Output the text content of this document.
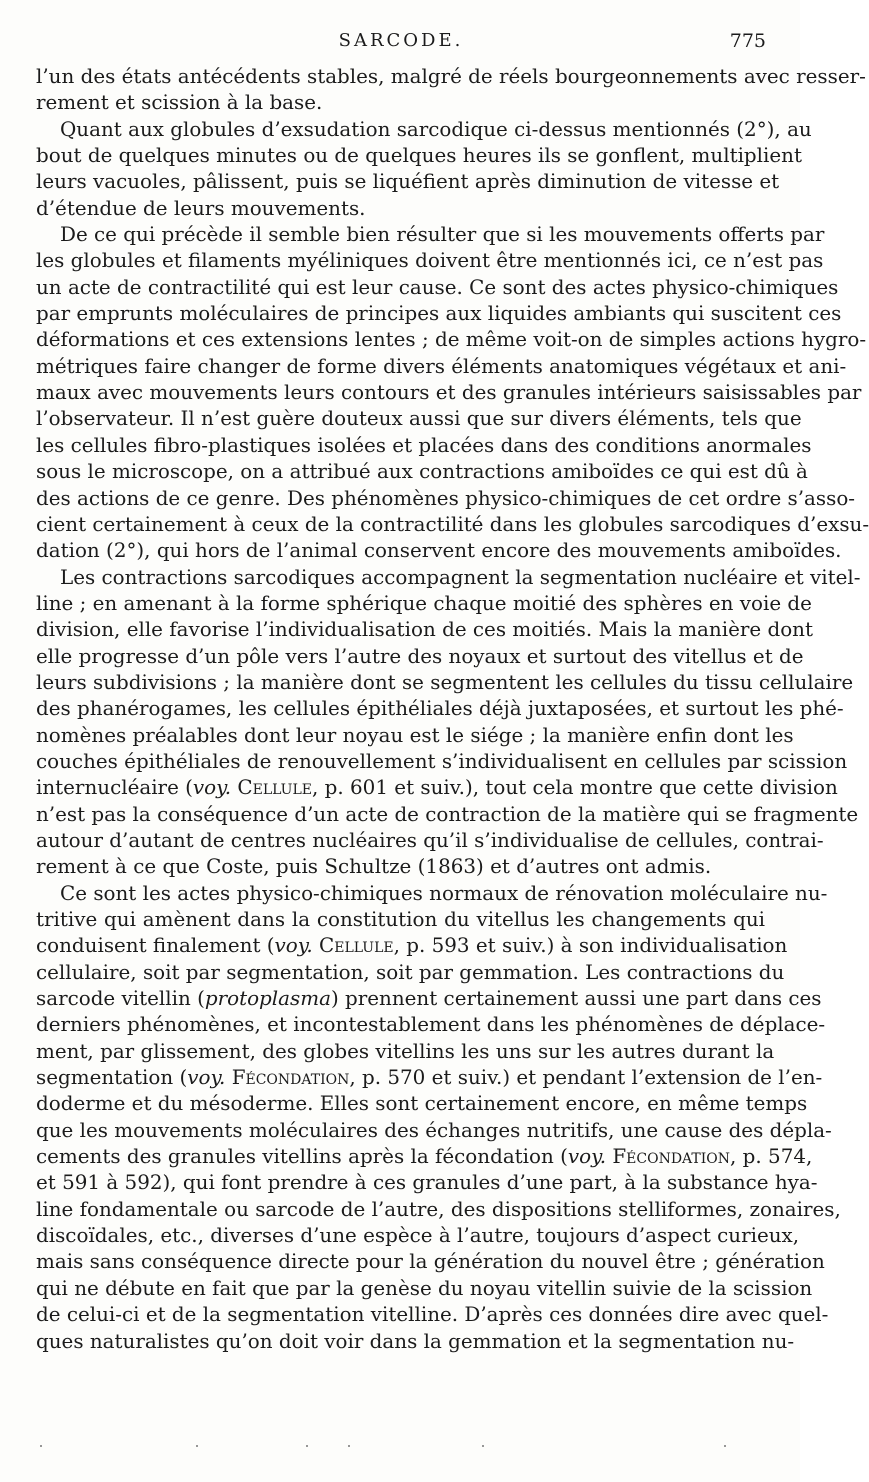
SARCODE.	775
l’un des états antécédents stables, malgré de réels bourgeonnements avec resser-
rement et scission à la base.
Quant aux globules d’exsudation sarcodique ci-dessus mentionnés (2°), au
bout de quelques minutes ou de quelques heures ils se gonflent, multiplient
leurs vacuoles, pâlissent, puis se liquéfient après diminution de vitesse et
d’étendue de leurs mouvements.
De ce qui précède il semble bien résulter que si les mouvements offerts par
les globules et filaments myéliniques doivent être mentionnés ici, ce n’est pas
un acte de contractilité qui est leur cause. Ce sont des actes physico-chimiques
par emprunts moléculaires de principes aux liquides ambiants qui suscitent ces
déformations et ces extensions lentes ; de même voit-on de simples actions hygro-
métriques faire changer de forme divers éléments anatomiques végétaux et ani-
maux avec mouvements leurs contours et des granules intérieurs saisissables par
l’observateur. Il n’est guère douteux aussi que sur divers éléments, tels que
les cellules fibro-plastiques isolées et placées dans des conditions anormales
sous le microscope, on a attribué aux contractions amiboïdes ce qui est dû à
des actions de ce genre. Des phénomènes physico-chimiques de cet ordre s’asso-
cient certainement à ceux de la contractilité dans les globules sarcodiques d’exsu-
dation (2°), qui hors de l’animal conservent encore des mouvements amiboïdes.
Les contractions sarcodiques accompagnent la segmentation nucléaire et vitel-
line ; en amenant à la forme sphérique chaque moitié des sphères en voie de
division, elle favorise l’individualisation de ces moitiés. Mais la manière dont
elle progresse d’un pôle vers l’autre des noyaux et surtout des vitellus et de
leurs subdivisions ; la manière dont se segmentent les cellules du tissu cellulaire
des phanérogames, les cellules épithéliales déjà juxtaposées, et surtout les phé-
nomènes préalables dont leur noyau est le siége ; la manière enfin dont les
couches épithéliales de renouvellement s’individualisent en cellules par scission
internucléaire (voy. Cellule, p. 601 et suiv.), tout cela montre que cette division
n’est pas la conséquence d’un acte de contraction de la matière qui se fragmente
autour d’autant de centres nucléaires qu’il s’individualise de cellules, contrai-
rement à ce que Coste, puis Schultze (1863) et d’autres ont admis.
Ce sont les actes physico-chimiques normaux de rénovation moléculaire nu-
tritive qui amènent dans la constitution du vitellus les changements qui
conduisent finalement (voy. Cellule, p. 593 et suiv.) à son individualisation
cellulaire, soit par segmentation, soit par gemmation. Les contractions du
sarcode vitellin (protoplasma) prennent certainement aussi une part dans ces
derniers phénomènes, et incontestablement dans les phénomènes de déplace-
ment, par glissement, des globes vitellins les uns sur les autres durant la
segmentation (voy. Fécondation, p. 570 et suiv.) et pendant l’extension de l’en-
doderme et du mésoderme. Elles sont certainement encore, en même temps
que les mouvements moléculaires des échanges nutritifs, une cause des dépla-
cements des granules vitellins après la fécondation (voy. Fécondation, p. 574,
et 591 à 592), qui font prendre à ces granules d’une part, à la substance hya-
line fondamentale ou sarcode de l’autre, des dispositions stelliformes, zonaires,
discoïdales, etc., diverses d’une espèce à l’autre, toujours d’aspect curieux,
mais sans conséquence directe pour la génération du nouvel être ; génération
qui ne débute en fait que par la genèse du noyau vitellin suivie de la scission
de celui-ci et de la segmentation vitelline. D’après ces données dire avec quel-
ques naturalistes qu’on doit voir dans la gemmation et la segmentation nu-
